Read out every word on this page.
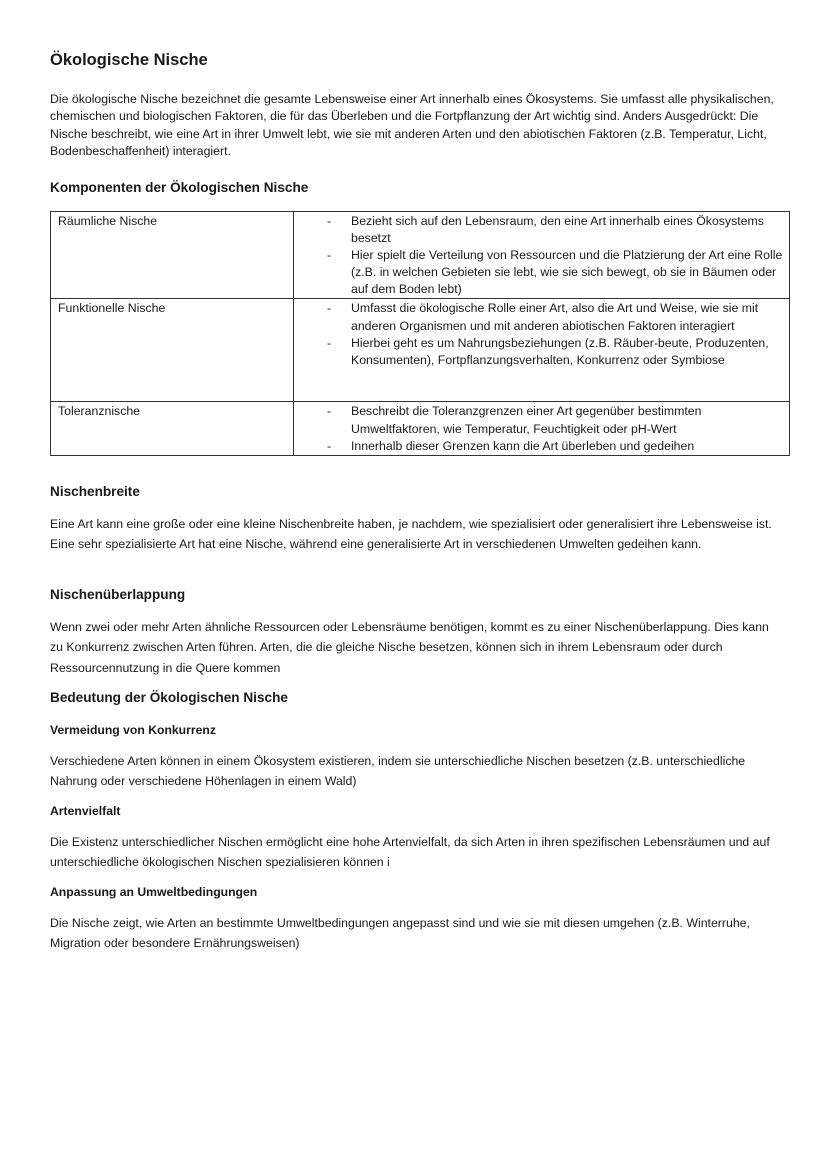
Ökologische Nische

Die ökologische Nische bezeichnet die gesamte Lebensweise einer Art innerhalb eines Ökosystems. Sie umfasst alle physikalischen, chemischen und biologischen Faktoren, die für das Überleben und die Fortpflanzung der Art wichtig sind. Anders Ausgedrückt: Die Nische beschreibt, wie eine Art in ihrer Umwelt lebt, wie sie mit anderen Arten und den abiotischen Faktoren (z.B. Temperatur, Licht, Bodenbeschaffenheit) interagiert.

Komponenten der Ökologischen Nische
Räumliche Nische	- Bezieht sich auf den Lebensraum, den eine Art innerhalb eines Ökosystems besetzt
- Hier spielt die Verteilung von Ressourcen und die Platzierung der Art eine Rolle (z.B. in welchen Gebieten sie lebt, wie sie sich bewegt, ob sie in Bäumen oder auf dem Boden lebt)

Funktionelle Nische	- Umfasst die ökologische Rolle einer Art, also die Art und Weise, wie sie mit anderen Organismen und mit anderen abiotischen Faktoren interagiert
- Hierbei geht es um Nahrungsbeziehungen (z.B. Räuber-beute, Produzenten, Konsumenten), Fortpflanzungsverhalten, Konkurrenz oder Symbiose

Toleranznische	- Beschreibt die Toleranzgrenzen einer Art gegenüber bestimmten Umweltfaktoren, wie Temperatur, Feuchtigkeit oder pH-Wert
- Innerhalb dieser Grenzen kann die Art überleben und gedeihen
Nischenbreite

Eine Art kann eine große oder eine kleine Nischenbreite haben, je nachdem, wie spezialisiert oder generalisiert ihre Lebensweise ist. Eine sehr spezialisierte Art hat eine Nische, während eine generalisierte Art in verschiedenen Umwelten gedeihen kann.

Nischenüberlappung

Wenn zwei oder mehr Arten ähnliche Ressourcen oder Lebensräume benötigen, kommt es zu einer Nischenüberlappung. Dies kann zu Konkurrenz zwischen Arten führen. Arten, die die gleiche Nische besetzen, können sich in ihrem Lebensraum oder durch Ressourcennutzung in die Quere kommen

Bedeutung der Ökologischen Nische
Vermeidung von Konkurrenz

Verschiedene Arten können in einem Ökosystem existieren, indem sie unterschiedliche Nischen besetzen (z.B. unterschiedliche Nahrung oder verschiedene Höhenlagen in einem Wald)

Artenvielfalt

Die Existenz unterschiedlicher Nischen ermöglicht eine hohe Artenvielfalt, da sich Arten in ihren spezifischen Lebensräumen und auf unterschiedliche ökologischen Nischen spezialisieren können i

Anpassung an Umweltbedingungen

Die Nische zeigt, wie Arten an bestimmte Umweltbedingungen angepasst sind und wie sie mit diesen umgehen (z.B. Winterruhe, Migration oder besondere Ernährungsweisen)
